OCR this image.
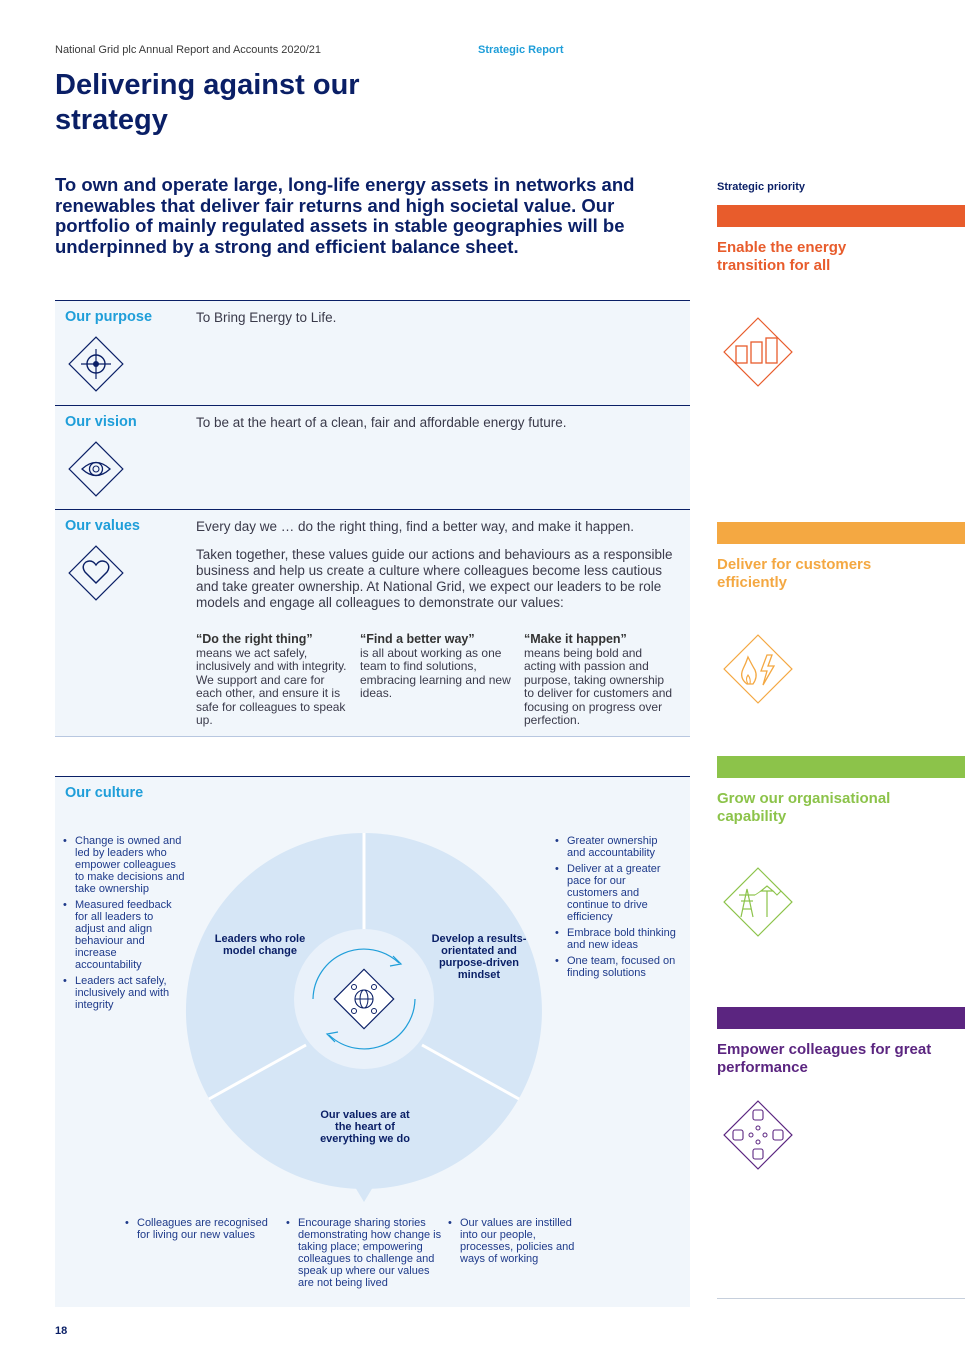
National Grid plc Annual Report and Accounts 2020/21	Strategic Report
Delivering against our strategy
To own and operate large, long-life energy assets in networks and renewables that deliver fair returns and high societal value. Our portfolio of mainly regulated assets in stable geographies will be underpinned by a strong and efficient balance sheet.
Our purpose	To Bring Energy to Life.
Our vision	To be at the heart of a clean, fair and affordable energy future.
Our values	Every day we … do the right thing, find a better way, and make it happen.
Taken together, these values guide our actions and behaviours as a responsible business and help us create a culture where colleagues become less cautious and take greater ownership. At National Grid, we expect our leaders to be role models and engage all colleagues to demonstrate our values:
“Do the right thing”
means we act safely, inclusively and with integrity. We support and care for each other, and ensure it is safe for colleagues to speak up.
“Find a better way”
is all about working as one team to find solutions, embracing learning and new ideas.
“Make it happen”
means being bold and acting with passion and purpose, taking ownership to deliver for customers and focusing on progress over perfection.
Our culture
• Change is owned and led by leaders who empower colleagues to make decisions and take ownership
• Measured feedback for all leaders to adjust and align behaviour and increase accountability
• Leaders act safely, inclusively and with integrity
• Greater ownership and accountability
• Deliver at a greater pace for our customers and continue to drive efficiency
• Embrace bold thinking and new ideas
• One team, focused on finding solutions
Leaders who role model change
Develop a results-orientated and purpose-driven mindset
Our values are at the heart of everything we do
• Colleagues are recognised for living our new values
• Encourage sharing stories demonstrating how change is taking place; empowering colleagues to challenge and speak up where our values are not being lived
• Our values are instilled into our people, processes, policies and ways of working
Strategic priority
Enable the energy transition for all
Deliver for customers efficiently
Grow our organisational capability
Empower colleagues for great performance
18
